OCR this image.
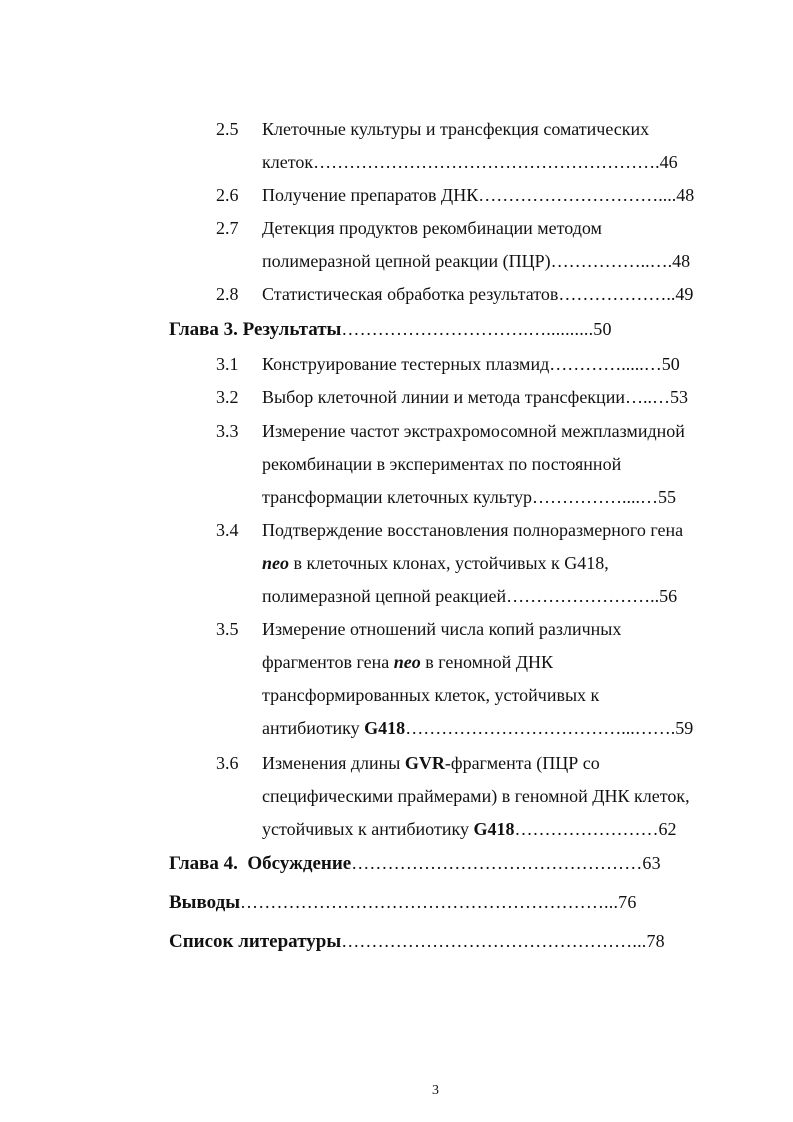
2.5 Клеточные культуры и трансфекция соматических
клеток………………………………………………….46
2.6 Получение препаратов ДНК…………………………....48
2.7 Детекция продуктов рекомбинации методом
полимеразной цепной реакции (ПЦР)……………..….48
2.8 Статистическая обработка результатов………………..49
Глава 3. Результаты………………………….…..........50
3.1 Конструирование тестерных плазмид………….....…50
3.2 Выбор клеточной линии и метода трансфекции…..…53
3.3 Измерение частот экстрахромосомной межплазмидной
рекомбинации в экспериментах по постоянной
трансформации клеточных культур……………....…55
3.4 Подтверждение восстановления полноразмерного гена
neo в клеточных клонах, устойчивых к G418,
полимеразной цепной реакцией……………………..56
3.5 Измерение отношений числа копий различных
фрагментов гена neo в геномной ДНК
трансформированных клеток, устойчивых к
антибиотику G418………………………………...…….59
3.6 Изменения длины GVR-фрагмента (ПЦР со
специфическими праймерами) в геномной ДНК клеток,
устойчивых к антибиотику G418……………………62
Глава 4.  Обсуждение…………………………………………63
Выводы……………………………………………………...76
Список литературы…………………………………………...78
3
